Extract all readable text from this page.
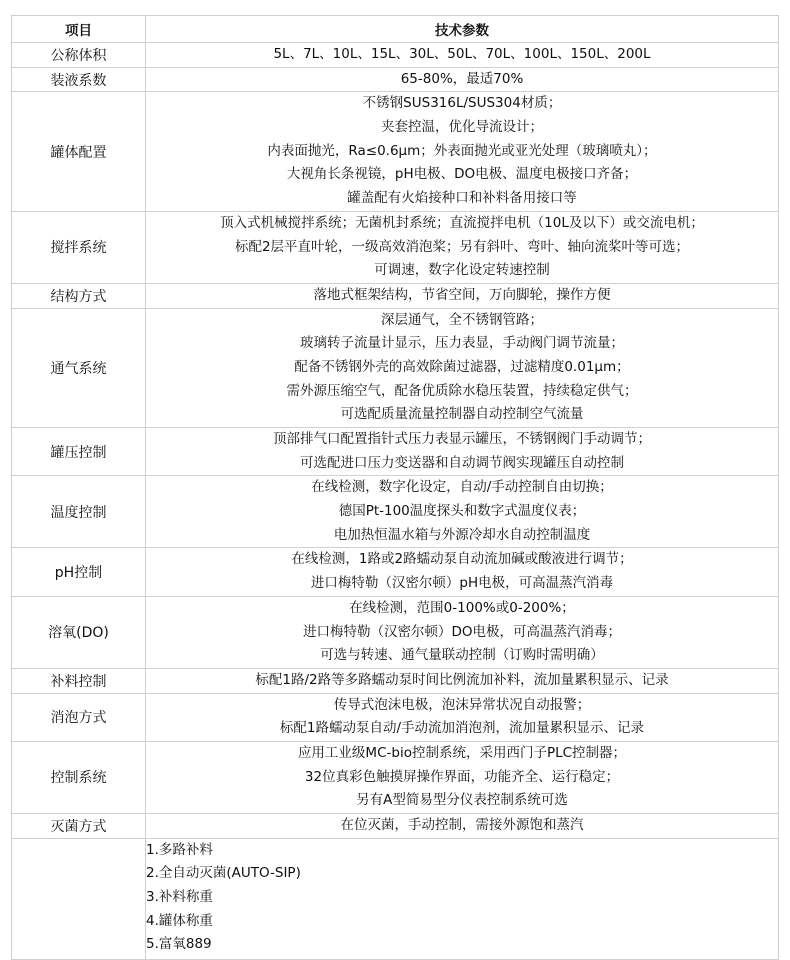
项目	技术参数
公称体积	5L、7L、10L、15L、30L、50L、70L、100L、150L、200L

装液系数	65-80%，最适70%

罐体配置	不锈钢SUS316L/SUS304材质；
夹套控温，优化导流设计；
内表面抛光，Ra≤0.6μm；外表面抛光或亚光处理（玻璃喷丸）；
大视角长条视镜，pH电极、DO电极、温度电极接口齐备；
罐盖配有火焰接种口和补料备用接口等

搅拌系统	顶入式机械搅拌系统；无菌机封系统；直流搅拌电机（10L及以下）或交流电机；
标配2层平直叶轮，一级高效消泡桨；另有斜叶、弯叶、轴向流桨叶等可选；
可调速，数字化设定转速控制

结构方式	落地式框架结构，节省空间，万向脚轮，操作方便

通气系统	深层通气，全不锈钢管路；
玻璃转子流量计显示，压力表显，手动阀门调节流量；
配备不锈钢外壳的高效除菌过滤器，过滤精度0.01μm；
需外源压缩空气，配备优质除水稳压装置，持续稳定供气；
可选配质量流量控制器自动控制空气流量

罐压控制	顶部排气口配置指针式压力表显示罐压，不锈钢阀门手动调节；
可选配进口压力变送器和自动调节阀实现罐压自动控制

温度控制	在线检测，数字化设定，自动/手动控制自由切换；
德国Pt-100温度探头和数字式温度仪表；
电加热恒温水箱与外源冷却水自动控制温度

pH控制	在线检测，1路或2路蠕动泵自动流加碱或酸液进行调节；
进口梅特勒（汉密尔顿）pH电极，可高温蒸汽消毒

溶氧(DO)	在线检测，范围0-100%或0-200%；
进口梅特勒（汉密尔顿）DO电极，可高温蒸汽消毒；
可选与转速、通气量联动控制（订购时需明确）

补料控制	标配1路/2路等多路蠕动泵时间比例流加补料，流加量累积显示、记录

消泡方式	传导式泡沫电极，泡沫异常状况自动报警；
标配1路蠕动泵自动/手动流加消泡剂，流加量累积显示、记录

控制系统	应用工业级MC-bio控制系统，采用西门子PLC控制器；
32位真彩色触摸屏操作界面，功能齐全、运行稳定；
另有A型简易型分仪表控制系统可选

灭菌方式	在位灭菌，手动控制，需接外源饱和蒸汽

	1.多路补料
2.全自动灭菌(AUTO-SIP)
3.补料称重
4.罐体称重
5.富氧889
